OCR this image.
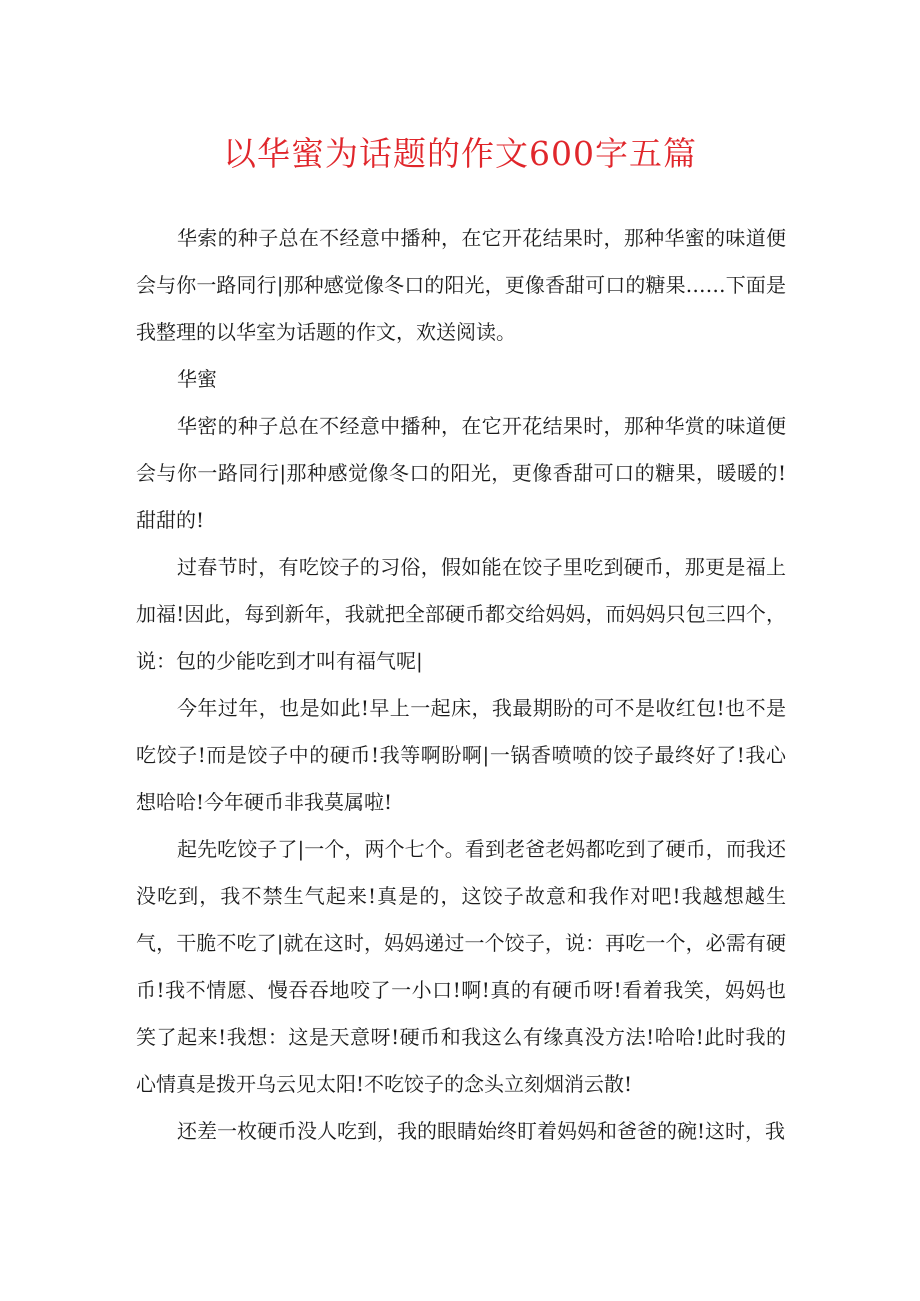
以华蜜为话题的作文600字五篇

华索的种子总在不经意中播种，在它开花结果时，那种华蜜的味道便会与你一路同行|那种感觉像冬口的阳光，更像香甜可口的糖果……下面是我整理的以华室为话题的作文，欢送阅读。

华蜜

华密的种子总在不经意中播种，在它开花结果时，那种华赏的味道便会与你一路同行|那种感觉像冬口的阳光，更像香甜可口的糖果，暖暖的!甜甜的!

过春节时，有吃饺子的习俗，假如能在饺子里吃到硬币，那更是福上加福!因此，每到新年，我就把全部硬币都交给妈妈，而妈妈只包三四个，说：包的少能吃到才叫有福气呢|

今年过年，也是如此!早上一起床，我最期盼的可不是收红包!也不是吃饺子!而是饺子中的硬币!我等啊盼啊|一锅香喷喷的饺子最终好了!我心想哈哈!今年硬币非我莫属啦!

起先吃饺子了|一个，两个七个。看到老爸老妈都吃到了硬币，而我还没吃到，我不禁生气起来!真是的，这饺子故意和我作对吧!我越想越生气，干脆不吃了|就在这时，妈妈递过一个饺子，说：再吃一个，必需有硬币!我不情愿、慢吞吞地咬了一小口!啊!真的有硬币呀!看着我笑，妈妈也笑了起来!我想：这是天意呀!硬币和我这么有缘真没方法!哈哈!此时我的心情真是拨开乌云见太阳!不吃饺子的念头立刻烟消云散!

还差一枚硬币没人吃到，我的眼睛始终盯着妈妈和爸爸的碗!这时，我
